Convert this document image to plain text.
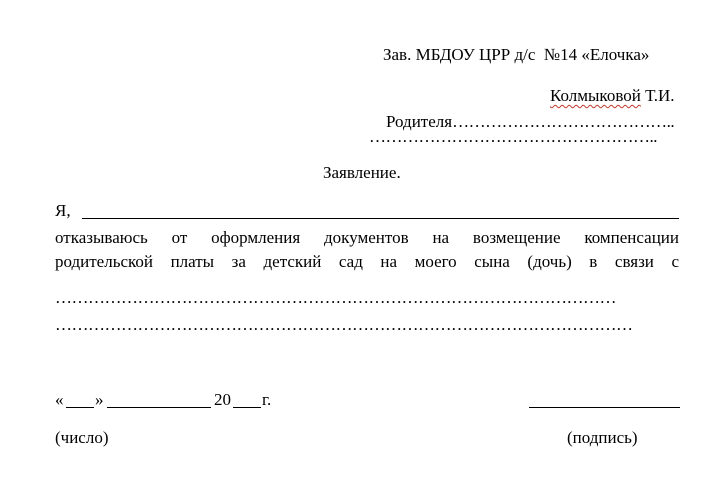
Зав. МБДОУ ЦРР д/с  №14 «Елочка»

Колмыковой Т.И.

Родителя…………………………………..

……………………………………………..
Заявление.
Я,
отказываюсь от оформления документов на возмещение компенсации
родительской платы за детский сад на моего сына (дочь) в связи с
…………………………………………………………………………………………
……………………………………………………………………………………………
« »	20 г.
(число)	(подпись)
